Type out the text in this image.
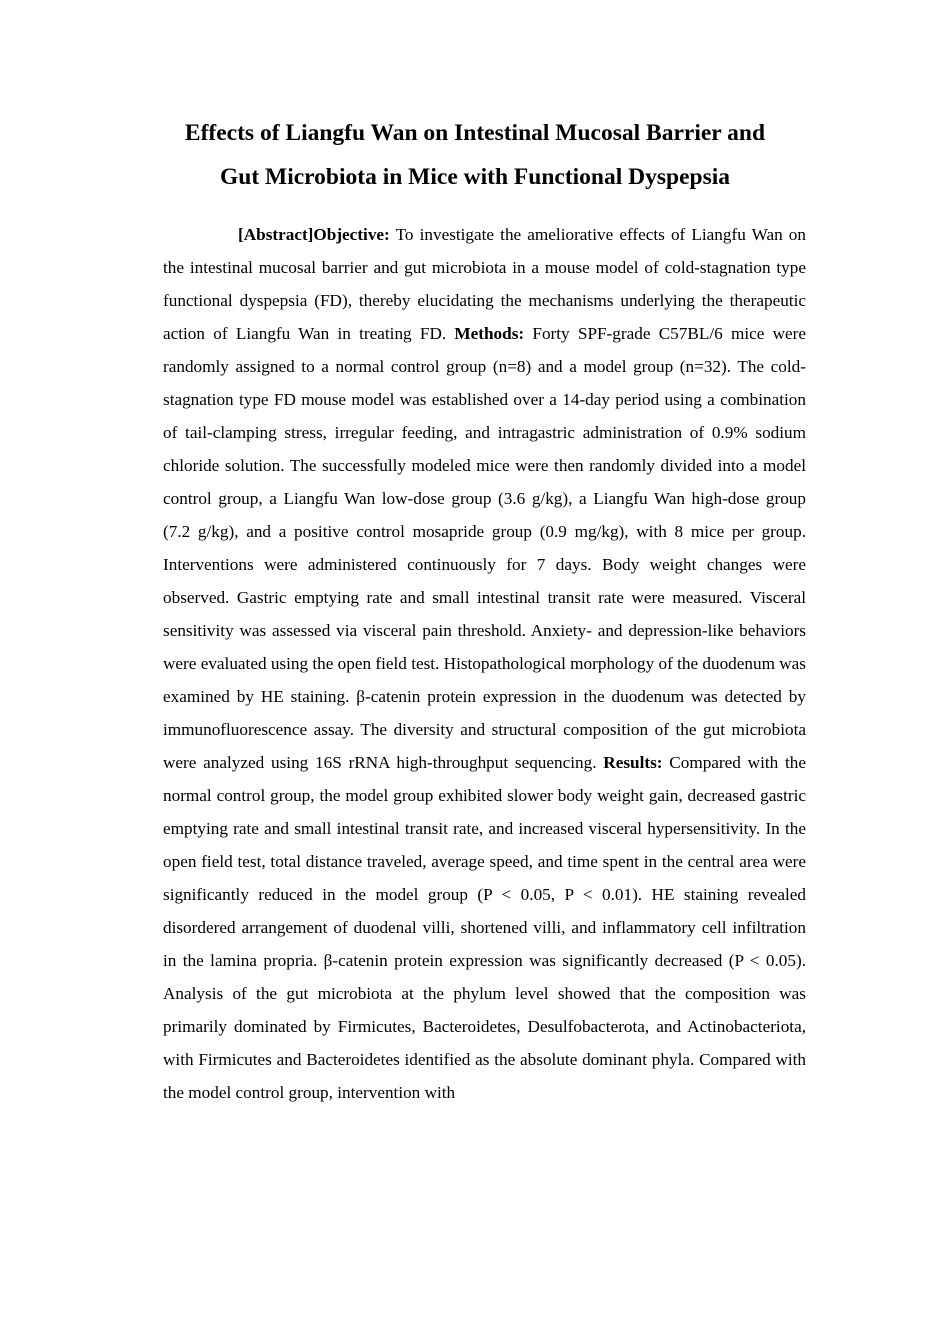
Effects of Liangfu Wan on Intestinal Mucosal Barrier and
Gut Microbiota in Mice with Functional Dyspepsia

[Abstract]Objective: To investigate the ameliorative effects of Liangfu Wan on the intestinal mucosal barrier and gut microbiota in a mouse model of cold-stagnation type functional dyspepsia (FD), thereby elucidating the mechanisms underlying the therapeutic action of Liangfu Wan in treating FD. Methods: Forty SPF-grade C57BL/6 mice were randomly assigned to a normal control group (n=8) and a model group (n=32). The cold-stagnation type FD mouse model was established over a 14-day period using a combination of tail-clamping stress, irregular feeding, and intragastric administration of 0.9% sodium chloride solution. The successfully modeled mice were then randomly divided into a model control group, a Liangfu Wan low-dose group (3.6 g/kg), a Liangfu Wan high-dose group (7.2 g/kg), and a positive control mosapride group (0.9 mg/kg), with 8 mice per group. Interventions were administered continuously for 7 days. Body weight changes were observed. Gastric emptying rate and small intestinal transit rate were measured. Visceral sensitivity was assessed via visceral pain threshold. Anxiety- and depression-like behaviors were evaluated using the open field test. Histopathological morphology of the duodenum was examined by HE staining. β-catenin protein expression in the duodenum was detected by immunofluorescence assay. The diversity and structural composition of the gut microbiota were analyzed using 16S rRNA high-throughput sequencing. Results: Compared with the normal control group, the model group exhibited slower body weight gain, decreased gastric emptying rate and small intestinal transit rate, and increased visceral hypersensitivity. In the open field test, total distance traveled, average speed, and time spent in the central area were significantly reduced in the model group (P < 0.05, P < 0.01). HE staining revealed disordered arrangement of duodenal villi, shortened villi, and inflammatory cell infiltration in the lamina propria. β-catenin protein expression was significantly decreased (P < 0.05). Analysis of the gut microbiota at the phylum level showed that the composition was primarily dominated by Firmicutes, Bacteroidetes, Desulfobacterota, and Actinobacteriota, with Firmicutes and Bacteroidetes identified as the absolute dominant phyla. Compared with the model control group, intervention with
